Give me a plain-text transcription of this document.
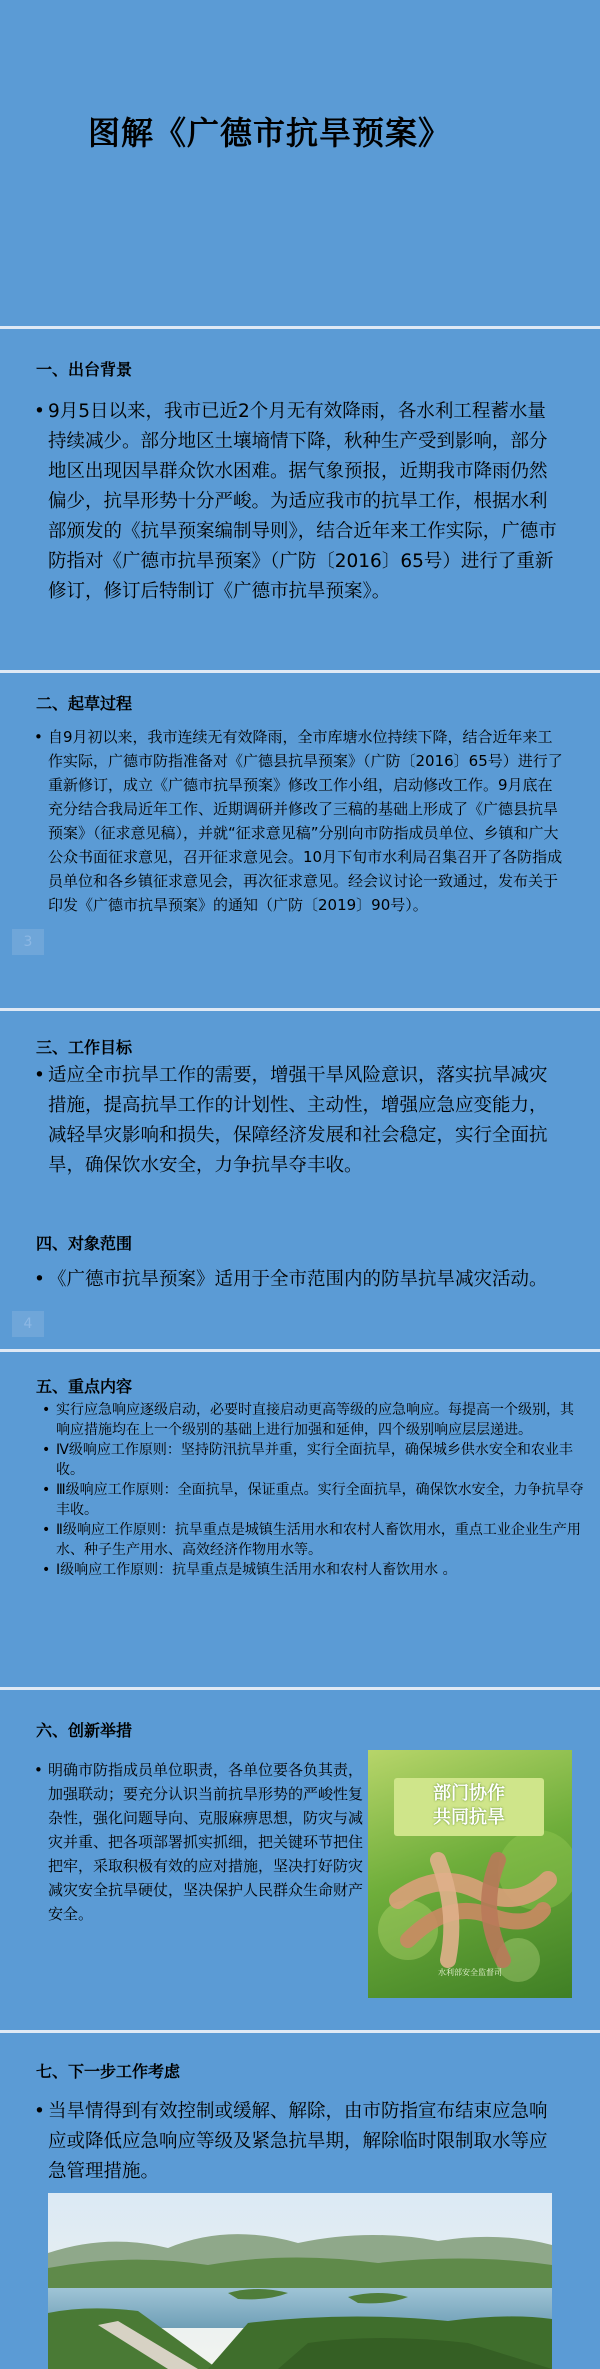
图解《广德市抗旱预案》
一、出台背景
• 9月5日以来，我市已近2个月无有效降雨，各水利工程蓄水量持续减少。部分地区土壤墒情下降，秋种生产受到影响，部分地区出现因旱群众饮水困难。据气象预报，近期我市降雨仍然偏少，抗旱形势十分严峻。为适应我市的抗旱工作，根据水利部颁发的《抗旱预案编制导则》，结合近年来工作实际，广德市防指对《广德市抗旱预案》（广防〔2016〕65号）进行了重新修订，修订后特制订《广德市抗旱预案》。
二、起草过程
• 自9月初以来，我市连续无有效降雨，全市库塘水位持续下降，结合近年来工作实际，广德市防指准备对《广德县抗旱预案》（广防〔2016〕65号）进行了重新修订，成立《广德市抗旱预案》修改工作小组，启动修改工作。9月底在充分结合我局近年工作、近期调研并修改了三稿的基础上形成了《广德县抗旱预案》（征求意见稿），并就“征求意见稿”分别向市防指成员单位、乡镇和广大公众书面征求意见，召开征求意见会。10月下旬市水利局召集召开了各防指成员单位和各乡镇征求意见会，再次征求意见。经会议讨论一致通过，发布关于印发《广德市抗旱预案》的通知（广防〔2019〕90号）。
3
三、工作目标
• 适应全市抗旱工作的需要，增强干旱风险意识，落实抗旱减灾措施，提高抗旱工作的计划性、主动性，增强应急应变能力，减轻旱灾影响和损失，保障经济发展和社会稳定，实行全面抗旱，确保饮水安全，力争抗旱夺丰收。
四、对象范围
• 《广德市抗旱预案》适用于全市范围内的防旱抗旱减灾活动。
4
五、重点内容
• 实行应急响应逐级启动，必要时直接启动更高等级的应急响应。每提高一个级别，其响应措施均在上一个级别的基础上进行加强和延伸，四个级别响应层层递进。
• Ⅳ级响应工作原则：坚持防汛抗旱并重，实行全面抗旱，确保城乡供水安全和农业丰收。
• Ⅲ级响应工作原则：全面抗旱，保证重点。实行全面抗旱，确保饮水安全，力争抗旱夺丰收。
• Ⅱ级响应工作原则：抗旱重点是城镇生活用水和农村人畜饮用水，重点工业企业生产用水、种子生产用水、高效经济作物用水等。
• Ⅰ级响应工作原则：抗旱重点是城镇生活用水和农村人畜饮用水 。
六、创新举措
• 明确市防指成员单位职责，各单位要各负其责，加强联动；要充分认识当前抗旱形势的严峻性复杂性，强化问题导向、克服麻痹思想，防灾与减灾并重、把各项部署抓实抓细，把关键环节把住把牢，采取积极有效的应对措施，坚决打好防灾减灾安全抗旱硬仗，坚决保护人民群众生命财产安全。
部门协作
共同抗旱
水利部安全监督司
七、下一步工作考虑
• 当旱情得到有效控制或缓解、解除，由市防指宣布结束应急响应或降低应急响应等级及紧急抗旱期，解除临时限制取水等应急管理措施。
